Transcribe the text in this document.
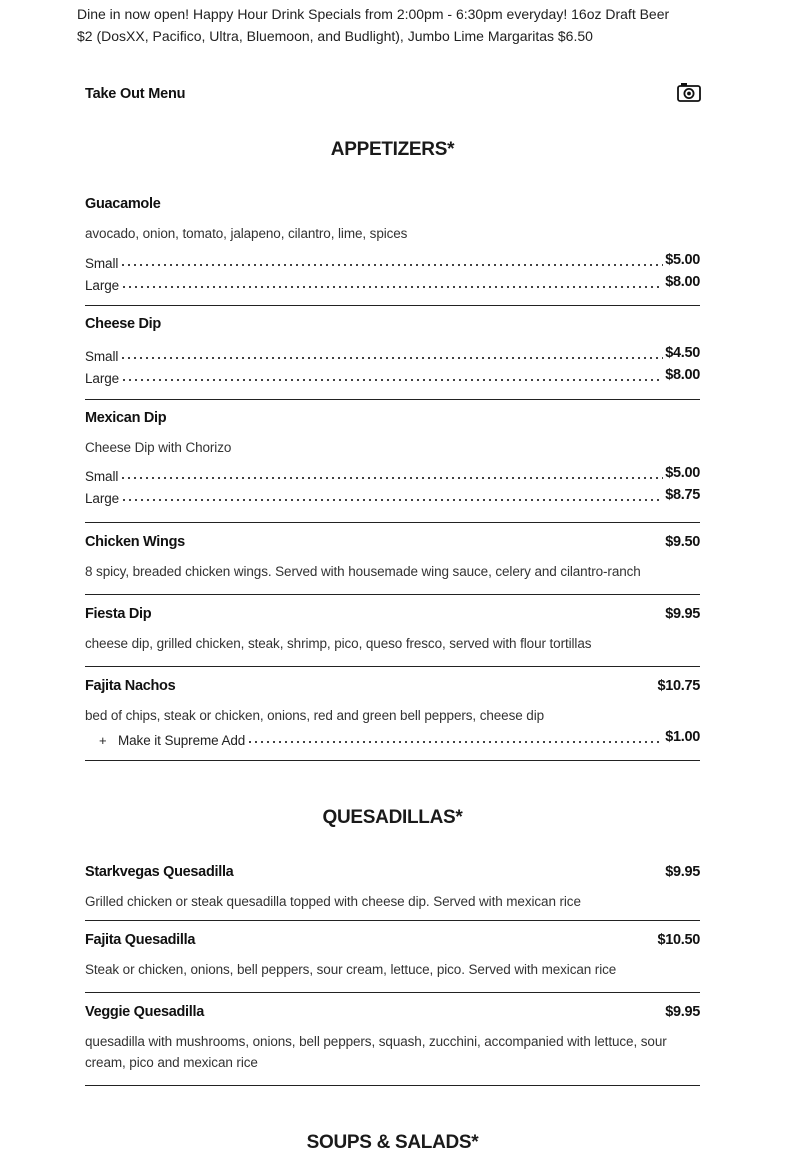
Dine in now open! Happy Hour Drink Specials from 2:00pm - 6:30pm everyday! 16oz Draft Beer $2 (DosXX, Pacifico, Ultra, Bluemoon, and Budlight), Jumbo Lime Margaritas $6.50
Take Out Menu
APPETIZERS*
Guacamole
avocado, onion, tomato, jalapeno, cilantro, lime, spices
Small	$5.00
Large	$8.00
Cheese Dip
Small	$4.50
Large	$8.00
Mexican Dip
Cheese Dip with Chorizo
Small	$5.00
Large	$8.75
Chicken Wings	$9.50
8 spicy, breaded chicken wings. Served with housemade wing sauce, celery and cilantro-ranch
Fiesta Dip	$9.95
cheese dip, grilled chicken, steak, shrimp, pico, queso fresco, served with flour tortillas
Fajita Nachos	$10.75
bed of chips, steak or chicken, onions, red and green bell peppers, cheese dip
+ Make it Supreme Add	$1.00
QUESADILLAS*
Starkvegas Quesadilla	$9.95
Grilled chicken or steak quesadilla topped with cheese dip. Served with mexican rice
Fajita Quesadilla	$10.50
Steak or chicken, onions, bell peppers, sour cream, lettuce, pico. Served with mexican rice
Veggie Quesadilla	$9.95
quesadilla with mushrooms, onions, bell peppers, squash, zucchini, accompanied with lettuce, sour cream, pico and mexican rice
SOUPS & SALADS*
